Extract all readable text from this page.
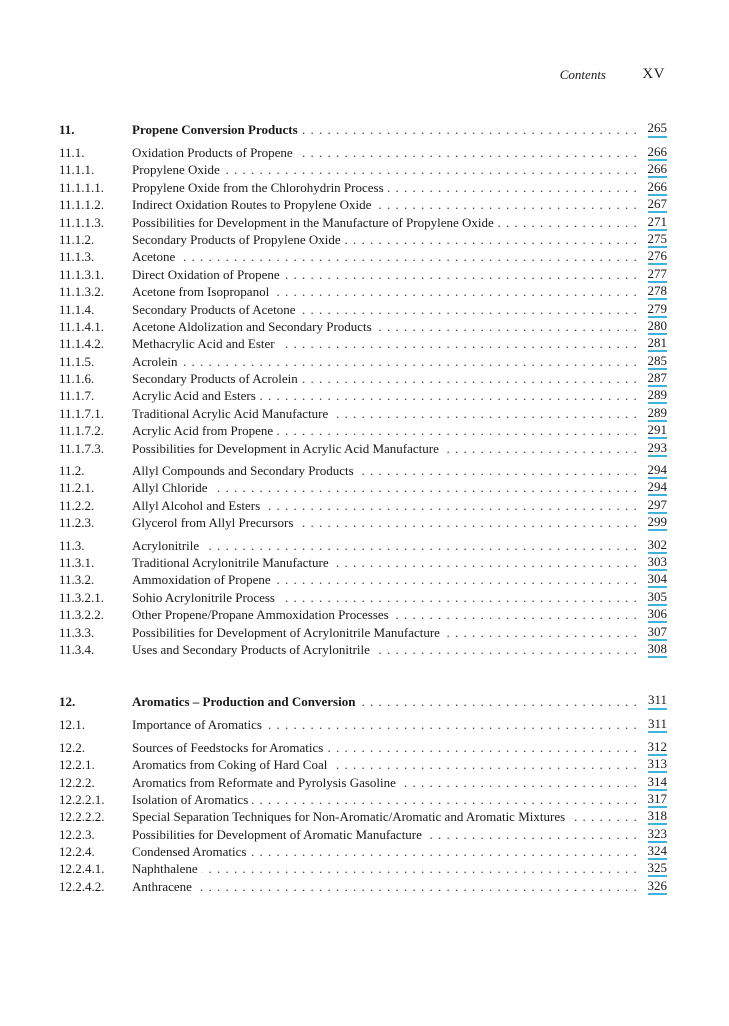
Contents XV
11.	Propene Conversion Products . . .	265
11.1.	Oxidation Products of Propene . . .	266
11.1.1.	Propylene Oxide . . .	266
11.1.1.1. Propylene Oxide from the Chlorohydrin Process . . .	266
11.1.1.2. Indirect Oxidation Routes to Propylene Oxide . . .	267
11.1.1.3. Possibilities for Development in the Manufacture of Propylene Oxide . . .	271
11.1.2.	Secondary Products of Propylene Oxide . . .	275
11.1.3.	Acetone . . .	276
11.1.3.1. Direct Oxidation of Propene . . .	277
11.1.3.2. Acetone from Isopropanol . . .	278
11.1.4.	Secondary Products of Acetone . . .	279
11.1.4.1. Acetone Aldolization and Secondary Products . . .	280
11.1.4.2. Methacrylic Acid and Ester . . .	281
11.1.5.	Acrolein . . .	285
11.1.6.	Secondary Products of Acrolein . . .	287
11.1.7.	Acrylic Acid and Esters . . .	289
11.1.7.1. Traditional Acrylic Acid Manufacture . . .	289
11.1.7.2. Acrylic Acid from Propene . . .	291
11.1.7.3. Possibilities for Development in Acrylic Acid Manufacture . . .	293
11.2.	Allyl Compounds and Secondary Products . . .	294
11.2.1.	Allyl Chloride . . .	294
11.2.2.	Allyl Alcohol and Esters . . .	297
11.2.3.	Glycerol from Allyl Precursors . . .	299
11.3.	Acrylonitrile . . .	302
11.3.1.	Traditional Acrylonitrile Manufacture . . .	303
11.3.2.	Ammoxidation of Propene . . .	304
11.3.2.1. Sohio Acrylonitrile Process . . .	305
11.3.2.2. Other Propene/Propane Ammoxidation Processes . . .	306
11.3.3.	Possibilities for Development of Acrylonitrile Manufacture . . .	307
11.3.4.	Uses and Secondary Products of Acrylonitrile . . .	308
12.	Aromatics – Production and Conversion . . .	311
12.1.	Importance of Aromatics . . .	311
12.2.	Sources of Feedstocks for Aromatics . . .	312
12.2.1.	Aromatics from Coking of Hard Coal . . .	313
12.2.2.	Aromatics from Reformate and Pyrolysis Gasoline . . .	314
12.2.2.1. Isolation of Aromatics . . .	317
12.2.2.2. Special Separation Techniques for Non-Aromatic/Aromatic and Aromatic Mixtures . . .	318
12.2.3.	Possibilities for Development of Aromatic Manufacture . . .	323
12.2.4.	Condensed Aromatics . . .	324
12.2.4.1. Naphthalene . . .	325
12.2.4.2. Anthracene . . .	326
